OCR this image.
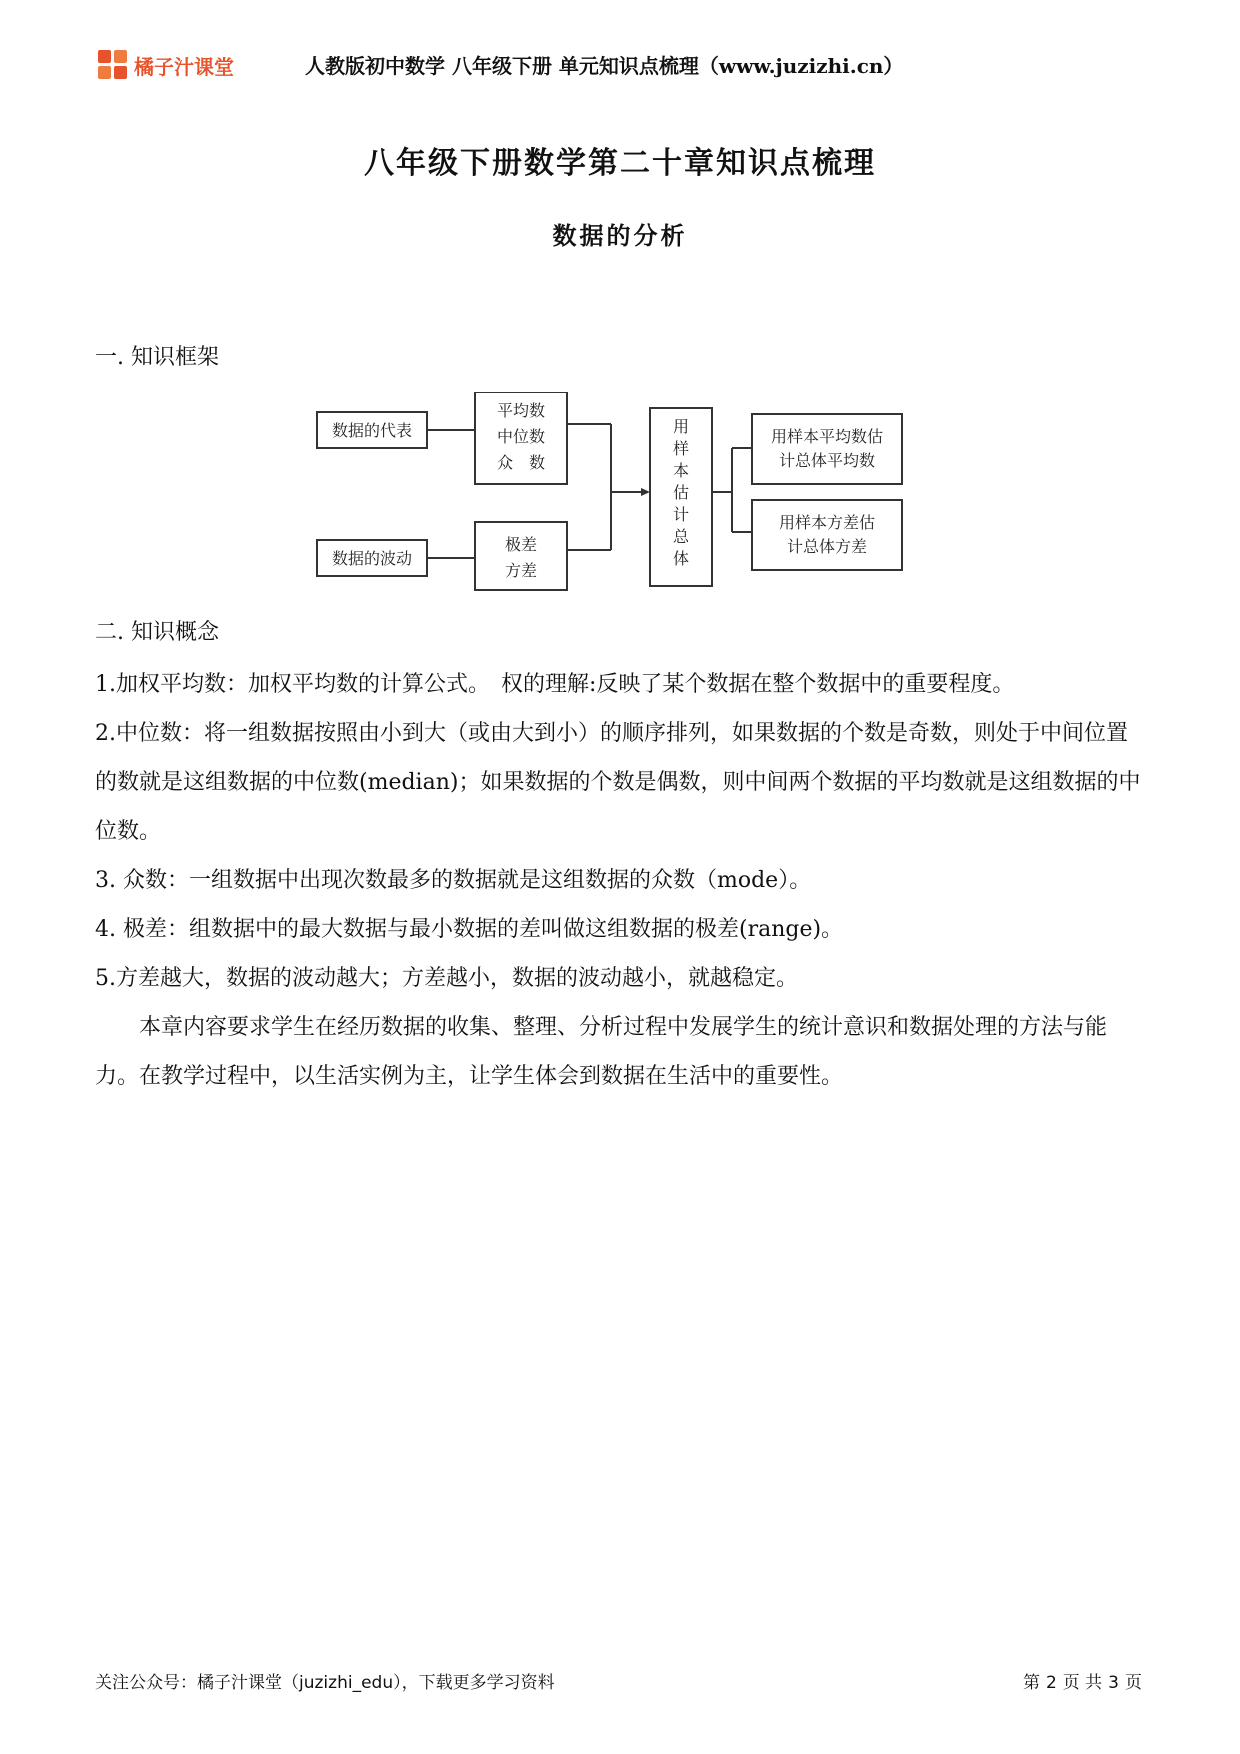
橘子汁课堂	人教版初中数学 八年级下册 单元知识点梳理（www.juzizhi.cn）
八年级下册数学第二十章知识点梳理
数据的分析
一. 知识框架
数据的代表
平均数
中位数
众　数
数据的波动
极差
方差
用
样
本
估
计
总
体
用样本平均数估
计总体平均数
用样本方差估
计总体方差
二. 知识概念

1.加权平均数：加权平均数的计算公式。　权的理解:反映了某个数据在整个数据中的重要程度。

2.中位数：将一组数据按照由小到大（或由大到小）的顺序排列，如果数据的个数是奇数，则处于中间位置的数就是这组数据的中位数(median)；如果数据的个数是偶数，则中间两个数据的平均数就是这组数据的中位数。

3. 众数：一组数据中出现次数最多的数据就是这组数据的众数（mode）。

4. 极差：组数据中的最大数据与最小数据的差叫做这组数据的极差(range)。

5.方差越大，数据的波动越大；方差越小，数据的波动越小，就越稳定。

本章内容要求学生在经历数据的收集、整理、分析过程中发展学生的统计意识和数据处理的方法与能力。在教学过程中，以生活实例为主，让学生体会到数据在生活中的重要性。

关注公众号：橘子汁课堂（juzizhi_edu），下载更多学习资料	第 2 页 共 3 页
